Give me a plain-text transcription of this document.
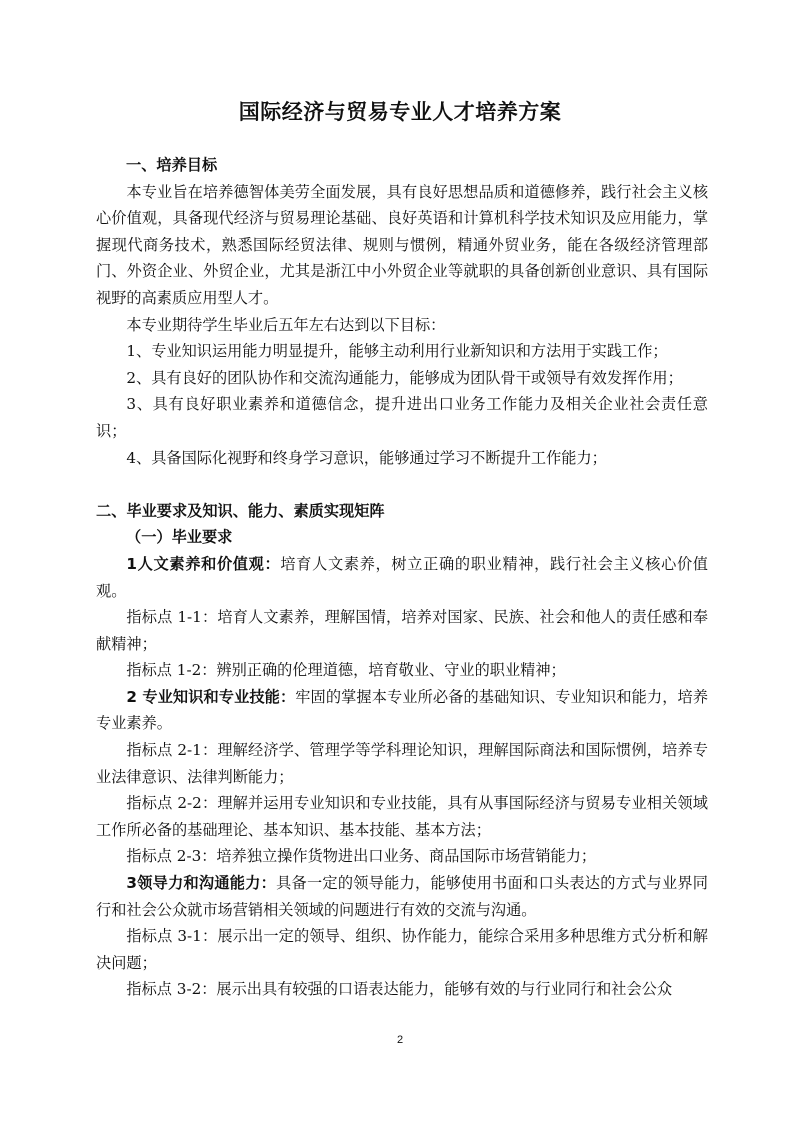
国际经济与贸易专业人才培养方案

一、培养目标

本专业旨在培养德智体美劳全面发展，具有良好思想品质和道德修养，践行社会主义核心价值观，具备现代经济与贸易理论基础、良好英语和计算机科学技术知识及应用能力，掌握现代商务技术，熟悉国际经贸法律、规则与惯例，精通外贸业务，能在各级经济管理部门、外资企业、外贸企业，尤其是浙江中小外贸企业等就职的具备创新创业意识、具有国际视野的高素质应用型人才。

本专业期待学生毕业后五年左右达到以下目标：

1、专业知识运用能力明显提升，能够主动利用行业新知识和方法用于实践工作；

2、具有良好的团队协作和交流沟通能力，能够成为团队骨干或领导有效发挥作用；

3、具有良好职业素养和道德信念，提升进出口业务工作能力及相关企业社会责任意识；

4、具备国际化视野和终身学习意识，能够通过学习不断提升工作能力；

二、毕业要求及知识、能力、素质实现矩阵

（一）毕业要求

1人文素养和价值观：培育人文素养，树立正确的职业精神，践行社会主义核心价值观。

指标点 1-1：培育人文素养，理解国情，培养对国家、民族、社会和他人的责任感和奉献精神；

指标点 1-2：辨别正确的伦理道德，培育敬业、守业的职业精神；

2 专业知识和专业技能：牢固的掌握本专业所必备的基础知识、专业知识和能力，培养专业素养。

指标点 2-1：理解经济学、管理学等学科理论知识，理解国际商法和国际惯例，培养专业法律意识、法律判断能力；

指标点 2-2：理解并运用专业知识和专业技能，具有从事国际经济与贸易专业相关领域工作所必备的基础理论、基本知识、基本技能、基本方法；

指标点 2-3：培养独立操作货物进出口业务、商品国际市场营销能力；

3领导力和沟通能力：具备一定的领导能力，能够使用书面和口头表达的方式与业界同行和社会公众就市场营销相关领域的问题进行有效的交流与沟通。

指标点 3-1：展示出一定的领导、组织、协作能力，能综合采用多种思维方式分析和解决问题；

指标点 3-2：展示出具有较强的口语表达能力，能够有效的与行业同行和社会公众

2
